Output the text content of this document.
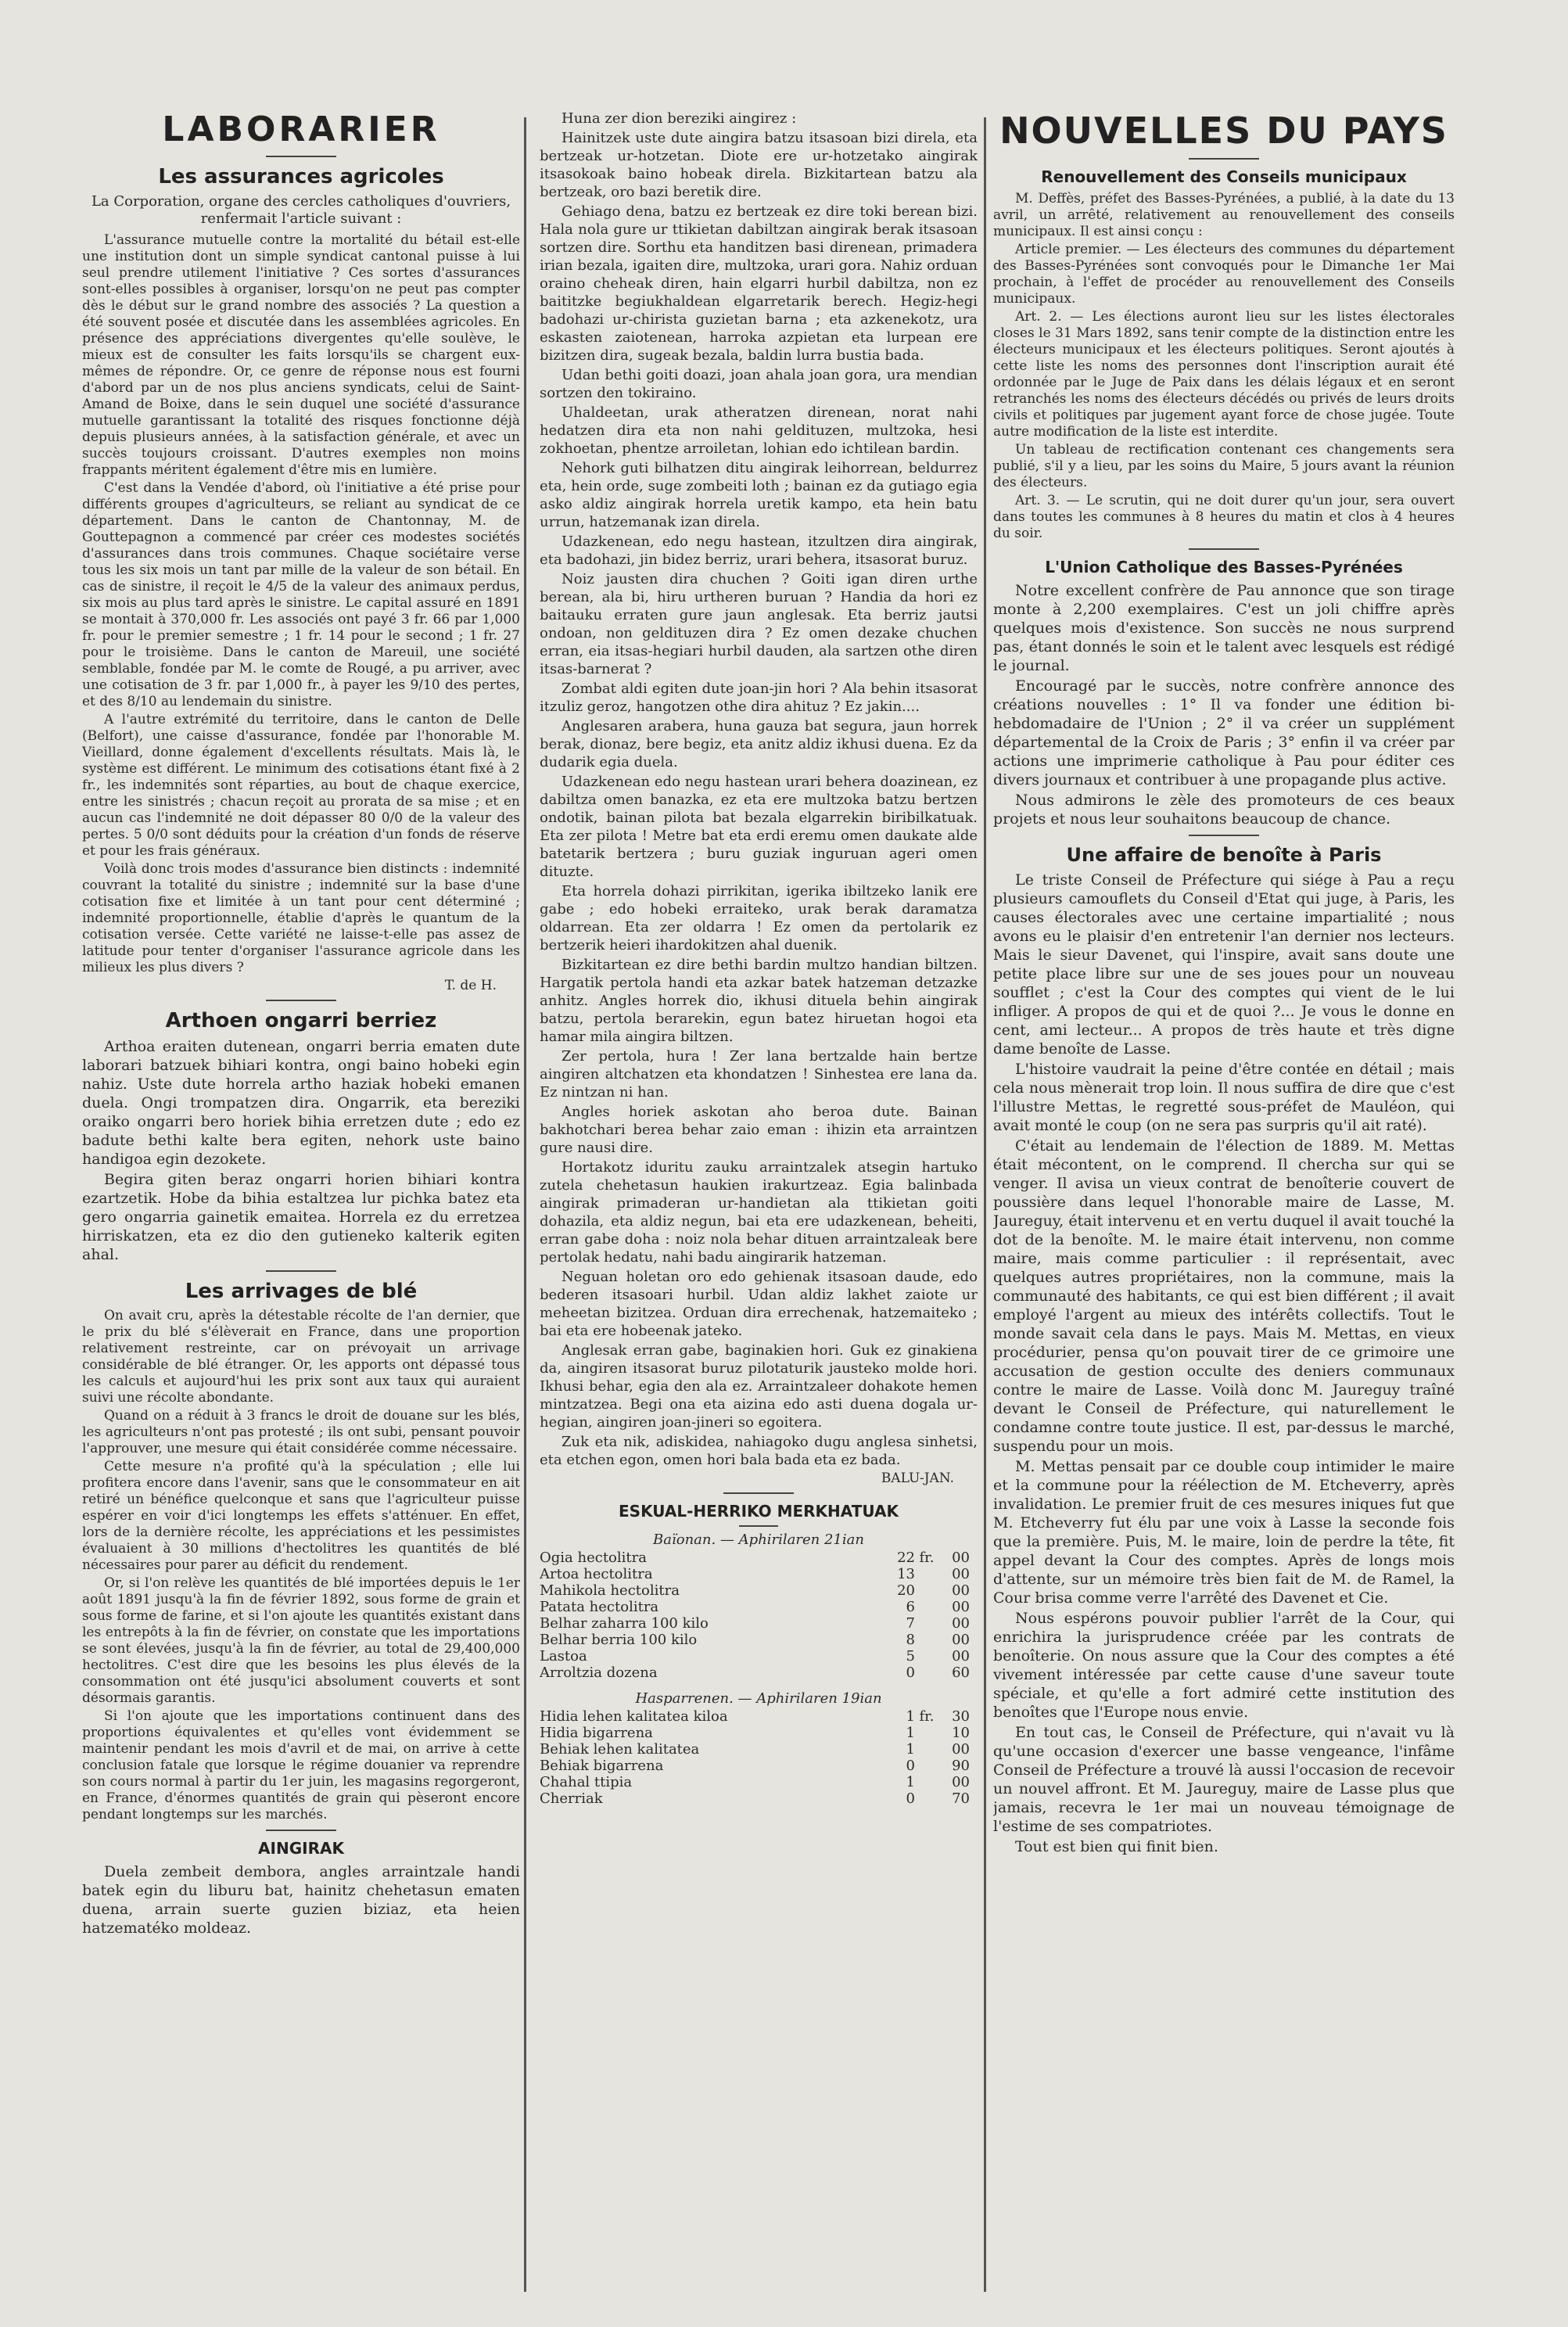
LABORARIER
Les assurances agricoles

La Corporation, organe des cercles catholiques d'ouvriers, renfermait l'article suivant :

L'assurance mutuelle contre la mortalité du bétail est-elle une institution dont un simple syndicat cantonal puisse à lui seul prendre utilement l'initiative ? Ces sortes d'assurances sont-elles possibles à organiser, lorsqu'on ne peut pas compter dès le début sur le grand nombre des associés ? La question a été souvent posée et discutée dans les assemblées agricoles. En présence des appréciations divergentes qu'elle soulève, le mieux est de consulter les faits lorsqu'ils se chargent eux-mêmes de répondre. Or, ce genre de réponse nous est fourni d'abord par un de nos plus anciens syndicats, celui de Saint-Amand de Boixe, dans le sein duquel une société d'assurance mutuelle garantissant la totalité des risques fonctionne déjà depuis plusieurs années, à la satisfaction générale, et avec un succès toujours croissant. D'autres exemples non moins frappants méritent également d'être mis en lumière.

C'est dans la Vendée d'abord, où l'initiative a été prise pour différents groupes d'agriculteurs, se reliant au syndicat de ce département. Dans le canton de Chantonnay, M. de Gouttepagnon a commencé par créer ces modestes sociétés d'assurances dans trois communes. Chaque sociétaire verse tous les six mois un tant par mille de la valeur de son bétail. En cas de sinistre, il reçoit le 4/5 de la valeur des animaux perdus, six mois au plus tard après le sinistre. Le capital assuré en 1891 se montait à 370,000 fr. Les associés ont payé 3 fr. 66 par 1,000 fr. pour le premier semestre ; 1 fr. 14 pour le second ; 1 fr. 27 pour le troisième. Dans le canton de Mareuil, une société semblable, fondée par M. le comte de Rougé, a pu arriver, avec une cotisation de 3 fr. par 1,000 fr., à payer les 9/10 des pertes, et des 8/10 au lendemain du sinistre.

A l'autre extrémité du territoire, dans le canton de Delle (Belfort), une caisse d'assurance, fondée par l'honorable M. Vieillard, donne également d'excellents résultats. Mais là, le système est différent. Le minimum des cotisations étant fixé à 2 fr., les indemnités sont réparties, au bout de chaque exercice, entre les sinistrés ; chacun reçoit au prorata de sa mise ; et en aucun cas l'indemnité ne doit dépasser 80 0/0 de la valeur des pertes. 5 0/0 sont déduits pour la création d'un fonds de réserve et pour les frais généraux.

Voilà donc trois modes d'assurance bien distincts : indemnité couvrant la totalité du sinistre ; indemnité sur la base d'une cotisation fixe et limitée à un tant pour cent déterminé ; indemnité proportionnelle, établie d'après le quantum de la cotisation versée. Cette variété ne laisse-t-elle pas assez de latitude pour tenter d'organiser l'assurance agricole dans les milieux les plus divers ?

T. de H.

Arthoen ongarri berriez

Arthoa eraiten dutenean, ongarri berria ematen dute laborari batzuek bihiari kontra, ongi baino hobeki egin nahiz. Uste dute horrela artho haziak hobeki emanen duela. Ongi trompatzen dira. Ongarrik, eta bereziki oraiko ongarri bero horiek bihia erretzen dute ; edo ez badute bethi kalte bera egiten, nehork uste baino handigoa egin dezokete.

Begira giten beraz ongarri horien bihiari kontra ezartzetik. Hobe da bihia estaltzea lur pichka batez eta gero ongarria gainetik emaitea. Horrela ez du erretzea hirriskatzen, eta ez dio den gutieneko kalterik egiten ahal.

Les arrivages de blé

On avait cru, après la détestable récolte de l'an dernier, que le prix du blé s'élèverait en France, dans une proportion relativement restreinte, car on prévoyait un arrivage considérable de blé étranger. Or, les apports ont dépassé tous les calculs et aujourd'hui les prix sont aux taux qui auraient suivi une récolte abondante.

Quand on a réduit à 3 francs le droit de douane sur les blés, les agriculteurs n'ont pas protesté ; ils ont subi, pensant pouvoir l'approuver, une mesure qui était considérée comme nécessaire.

Cette mesure n'a profité qu'à la spéculation ; elle lui profitera encore dans l'avenir, sans que le consommateur en ait retiré un bénéfice quelconque et sans que l'agriculteur puisse espérer en voir d'ici longtemps les effets s'atténuer. En effet, lors de la dernière récolte, les appréciations et les pessimistes évaluaient à 30 millions d'hectolitres les quantités de blé nécessaires pour parer au déficit du rendement.

Or, si l'on relève les quantités de blé importées depuis le 1er août 1891 jusqu'à la fin de février 1892, sous forme de grain et sous forme de farine, et si l'on ajoute les quantités existant dans les entrepôts à la fin de février, on constate que les importations se sont élevées, jusqu'à la fin de février, au total de 29,400,000 hectolitres. C'est dire que les besoins les plus élevés de la consommation ont été jusqu'ici absolument couverts et sont désormais garantis.

Si l'on ajoute que les importations continuent dans des proportions équivalentes et qu'elles vont évidemment se maintenir pendant les mois d'avril et de mai, on arrive à cette conclusion fatale que lorsque le régime douanier va reprendre son cours normal à partir du 1er juin, les magasins regorgeront, en France, d'énormes quantités de grain qui pèseront encore pendant longtemps sur les marchés.

AINGIRAK

Duela zembeit dembora, angles arraintzale handi batek egin du liburu bat, hainitz chehetasun ematen duena, arrain suerte guzien biziaz, eta heien hatzematéko moldeaz.

Huna zer dion bereziki aingirez :

Hainitzek uste dute aingira batzu itsasoan bizi direla, eta bertzeak ur-hotzetan. Diote ere ur-hotzetako aingirak itsasokoak baino hobeak direla. Bizkitartean batzu ala bertzeak, oro bazi beretik dire.

Gehiago dena, batzu ez bertzeak ez dire toki berean bizi. Hala nola gure ur ttikietan dabiltzan aingirak berak itsasoan sortzen dire. Sorthu eta handitzen basi direnean, primadera irian bezala, igaiten dire, multzoka, urari gora. Nahiz orduan oraino cheheak diren, hain elgarri hurbil dabiltza, non ez baititzke begiukhaldean elgarretarik berech. Hegiz-hegi badohazi ur-chirista guzietan barna ; eta azkenekotz, ura eskasten zaiotenean, harroka azpietan eta lurpean ere bizitzen dira, sugeak bezala, baldin lurra bustia bada.

Udan bethi goiti doazi, joan ahala joan gora, ura mendian sortzen den tokiraino.

Uhaldeetan, urak atheratzen direnean, norat nahi hedatzen dira eta non nahi geldituzen, multzoka, hesi zokhoetan, phentze arroiletan, lohian edo ichtilean bardin.

Nehork guti bilhatzen ditu aingirak leihorrean, beldurrez eta, hein orde, suge zombeiti loth ; bainan ez da gutiago egia asko aldiz aingirak horrela uretik kampo, eta hein batu urrun, hatzemanak izan direla.

Udazkenean, edo negu hastean, itzultzen dira aingirak, eta badohazi, jin bidez berriz, urari behera, itsasorat buruz.

Noiz jausten dira chuchen ? Goiti igan diren urthe berean, ala bi, hiru urtheren buruan ? Handia da hori ez baitauku erraten gure jaun anglesak. Eta berriz jautsi ondoan, non geldituzen dira ? Ez omen dezake chuchen erran, eia itsas-hegiari hurbil dauden, ala sartzen othe diren itsas-barnerat ?

Zombat aldi egiten dute joan-jin hori ? Ala behin itsasorat itzuliz geroz, hangotzen othe dira ahituz ? Ez jakin....

Anglesaren arabera, huna gauza bat segura, jaun horrek berak, dionaz, bere begiz, eta anitz aldiz ikhusi duena. Ez da dudarik egia duela.

Udazkenean edo negu hastean urari behera doazinean, ez dabiltza omen banazka, ez eta ere multzoka batzu bertzen ondotik, bainan pilota bat bezala elgarrekin biribilkatuak. Eta zer pilota ! Metre bat eta erdi eremu omen daukate alde batetarik bertzera ; buru guziak inguruan ageri omen dituzte.

Eta horrela dohazi pirrikitan, igerika ibiltzeko lanik ere gabe ; edo hobeki erraiteko, urak berak daramatza oldarrean. Eta zer oldarra ! Ez omen da pertolarik ez bertzerik heieri ihardokitzen ahal duenik.

Bizkitartean ez dire bethi bardin multzo handian biltzen. Hargatik pertola handi eta azkar batek hatzeman detzazke anhitz. Angles horrek dio, ikhusi dituela behin aingirak batzu, pertola berarekin, egun batez hiruetan hogoi eta hamar mila aingira biltzen.

Zer pertola, hura ! Zer lana bertzalde hain bertze aingiren altchatzen eta khondatzen ! Sinhestea ere lana da. Ez nintzan ni han.

Angles horiek askotan aho beroa dute. Bainan bakhotchari berea behar zaio eman : ihizin eta arraintzen gure nausi dire.

Hortakotz iduritu zauku arraintzalek atsegin hartuko zutela chehetasun haukien irakurtzeaz. Egia balinbada aingirak primaderan ur-handietan ala ttikietan goiti dohazila, eta aldiz negun, bai eta ere udazkenean, beheiti, erran gabe doha : noiz nola behar dituen arraintzaleak bere pertolak hedatu, nahi badu aingirarik hatzeman.

Neguan holetan oro edo gehienak itsasoan daude, edo bederen itsasoari hurbil. Udan aldiz lakhet zaiote ur meheetan bizitzea. Orduan dira errechenak, hatzemaiteko ; bai eta ere hobeenak jateko.

Anglesak erran gabe, baginakien hori. Guk ez ginakiena da, aingiren itsasorat buruz pilotaturik jausteko molde hori. Ikhusi behar, egia den ala ez. Arraintzaleer dohakote hemen mintzatzea. Begi ona eta aizina edo asti duena dogala ur-hegian, aingiren joan-jineri so egoitera.

Zuk eta nik, adiskidea, nahiagoko dugu anglesa sinhetsi, eta etchen egon, omen hori bala bada eta ez bada.

BALU-JAN.

ESKUAL-HERRIKO MERKHATUAK
Baïonan. — Aphirilaren 21ian
Ogia hectolitra	22	fr.	00
Artoa hectolitra	13		00
Mahikola hectolitra	20		00
Patata hectolitra	6		00
Belhar zaharra 100 kilo	7		00
Belhar berria 100 kilo	8		00
Lastoa	5		00
Arroltzia dozena	0		60
Hasparrenen. — Aphirilaren 19ian
Hidia lehen kalitatea kiloa	1	fr.	30
Hidia bigarrena	1		10
Behiak lehen kalitatea	1		00
Behiak bigarrena	0		90
Chahal ttipia	1		00
Cherriak	0		70
NOUVELLES DU PAYS
Renouvellement des Conseils municipaux

M. Deffès, préfet des Basses-Pyrénées, a publié, à la date du 13 avril, un arrêté, relativement au renouvellement des conseils municipaux. Il est ainsi conçu :

Article premier. — Les électeurs des communes du département des Basses-Pyrénées sont convoqués pour le Dimanche 1er Mai prochain, à l'effet de procéder au renouvellement des Conseils municipaux.

Art. 2. — Les élections auront lieu sur les listes électorales closes le 31 Mars 1892, sans tenir compte de la distinction entre les électeurs municipaux et les électeurs politiques. Seront ajoutés à cette liste les noms des personnes dont l'inscription aurait été ordonnée par le Juge de Paix dans les délais légaux et en seront retranchés les noms des électeurs décédés ou privés de leurs droits civils et politiques par jugement ayant force de chose jugée. Toute autre modification de la liste est interdite.

Un tableau de rectification contenant ces changements sera publié, s'il y a lieu, par les soins du Maire, 5 jours avant la réunion des électeurs.

Art. 3. — Le scrutin, qui ne doit durer qu'un jour, sera ouvert dans toutes les communes à 8 heures du matin et clos à 4 heures du soir.

L'Union Catholique des Basses-Pyrénées

Notre excellent confrère de Pau annonce que son tirage monte à 2,200 exemplaires. C'est un joli chiffre après quelques mois d'existence. Son succès ne nous surprend pas, étant donnés le soin et le talent avec lesquels est rédigé le journal.

Encouragé par le succès, notre confrère annonce des créations nouvelles : 1° Il va fonder une édition bi-hebdomadaire de l'Union ; 2° il va créer un supplément départemental de la Croix de Paris ; 3° enfin il va créer par actions une imprimerie catholique à Pau pour éditer ces divers journaux et contribuer à une propagande plus active.

Nous admirons le zèle des promoteurs de ces beaux projets et nous leur souhaitons beaucoup de chance.

Une affaire de benoîte à Paris

Le triste Conseil de Préfecture qui siége à Pau a reçu plusieurs camouflets du Conseil d'Etat qui juge, à Paris, les causes électorales avec une certaine impartialité ; nous avons eu le plaisir d'en entretenir l'an dernier nos lecteurs. Mais le sieur Davenet, qui l'inspire, avait sans doute une petite place libre sur une de ses joues pour un nouveau soufflet ; c'est la Cour des comptes qui vient de le lui infliger. A propos de qui et de quoi ?... Je vous le donne en cent, ami lecteur... A propos de très haute et très digne dame benoîte de Lasse.

L'histoire vaudrait la peine d'être contée en détail ; mais cela nous mènerait trop loin. Il nous suffira de dire que c'est l'illustre Mettas, le regretté sous-préfet de Mauléon, qui avait monté le coup (on ne sera pas surpris qu'il ait raté).

C'était au lendemain de l'élection de 1889. M. Mettas était mécontent, on le comprend. Il chercha sur qui se venger. Il avisa un vieux contrat de benoîterie couvert de poussière dans lequel l'honorable maire de Lasse, M. Jaureguy, était intervenu et en vertu duquel il avait touché la dot de la benoîte. M. le maire était intervenu, non comme maire, mais comme particulier : il représentait, avec quelques autres propriétaires, non la commune, mais la communauté des habitants, ce qui est bien différent ; il avait employé l'argent au mieux des intérêts collectifs. Tout le monde savait cela dans le pays. Mais M. Mettas, en vieux procédurier, pensa qu'on pouvait tirer de ce grimoire une accusation de gestion occulte des deniers communaux contre le maire de Lasse. Voilà donc M. Jaureguy traîné devant le Conseil de Préfecture, qui naturellement le condamne contre toute justice. Il est, par-dessus le marché, suspendu pour un mois.

M. Mettas pensait par ce double coup intimider le maire et la commune pour la réélection de M. Etcheverry, après invalidation. Le premier fruit de ces mesures iniques fut que M. Etcheverry fut élu par une voix à Lasse la seconde fois que la première. Puis, M. le maire, loin de perdre la tête, fit appel devant la Cour des comptes. Après de longs mois d'attente, sur un mémoire très bien fait de M. de Ramel, la Cour brisa comme verre l'arrêté des Davenet et Cie.

Nous espérons pouvoir publier l'arrêt de la Cour, qui enrichira la jurisprudence créée par les contrats de benoîterie. On nous assure que la Cour des comptes a été vivement intéressée par cette cause d'une saveur toute spéciale, et qu'elle a fort admiré cette institution des benoîtes que l'Europe nous envie.

En tout cas, le Conseil de Préfecture, qui n'avait vu là qu'une occasion d'exercer une basse vengeance, l'infâme Conseil de Préfecture a trouvé là aussi l'occasion de recevoir un nouvel affront. Et M. Jaureguy, maire de Lasse plus que jamais, recevra le 1er mai un nouveau témoignage de l'estime de ses compatriotes.

Tout est bien qui finit bien.
